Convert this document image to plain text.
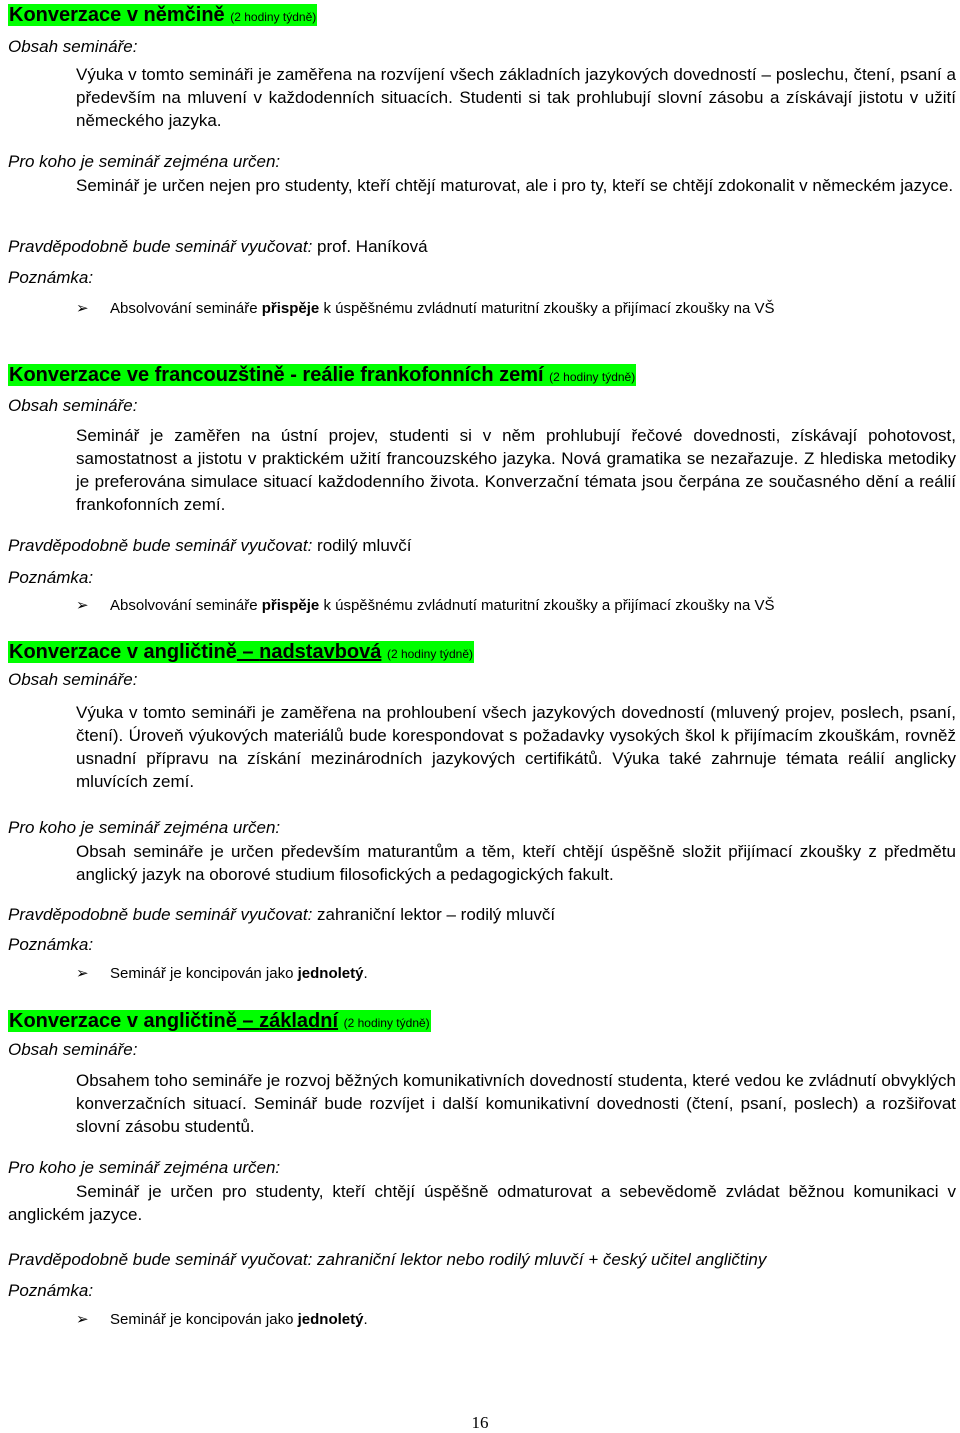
Konverzace v němčině (2 hodiny týdně)
Obsah semináře:
Výuka v tomto semináři je zaměřena na rozvíjení všech základních jazykových dovedností – poslechu, čtení, psaní a především na mluvení v každodenních situacích. Studenti si tak prohlubují slovní zásobu a získávají jistotu v užití německého jazyka.
Pro koho je seminář zejména určen:
Seminář je určen nejen pro studenty, kteří chtějí maturovat, ale i pro ty, kteří se chtějí zdokonalit v německém jazyce.
Pravděpodobně bude seminář vyučovat: prof. Haníková
Poznámka:
➢ Absolvování semináře přispěje k úspěšnému zvládnutí maturitní zkoušky a přijímací zkoušky na VŠ
Konverzace ve francouzštině - reálie frankofonních zemí (2 hodiny týdně)
Obsah semináře:
Seminář je zaměřen na ústní projev, studenti si v něm prohlubují řečové dovednosti, získávají pohotovost, samostatnost a jistotu v praktickém užití francouzského jazyka. Nová gramatika se nezařazuje. Z hlediska metodiky je preferována simulace situací každodenního života. Konverzační témata jsou čerpána ze současného dění a reálií frankofonních zemí.
Pravděpodobně bude seminář vyučovat: rodilý mluvčí
Poznámka:
➢ Absolvování semináře přispěje k úspěšnému zvládnutí maturitní zkoušky a přijímací zkoušky na VŠ
Konverzace v angličtině – nadstavbová (2 hodiny týdně)
Obsah semináře:
Výuka v tomto semináři je zaměřena na prohloubení všech jazykových dovedností (mluvený projev, poslech, psaní, čtení). Úroveň výukových materiálů bude korespondovat s požadavky vysokých škol k přijímacím zkouškám, rovněž usnadní přípravu na získání mezinárodních jazykových certifikátů. Výuka také zahrnuje témata reálií anglicky mluvících zemí.
Pro koho je seminář zejména určen:
Obsah semináře je určen především maturantům a těm, kteří chtějí úspěšně složit přijímací zkoušky z předmětu anglický jazyk na oborové studium filosofických a pedagogických fakult.
Pravděpodobně bude seminář vyučovat: zahraniční lektor – rodilý mluvčí
Poznámka:
➢ Seminář je koncipován jako jednoletý.
Konverzace v angličtině – základní (2 hodiny týdně)
Obsah semináře:
Obsahem toho semináře je rozvoj běžných komunikativních dovedností studenta, které vedou ke zvládnutí obvyklých konverzačních situací. Seminář bude rozvíjet i další komunikativní dovednosti (čtení, psaní, poslech) a rozšiřovat slovní zásobu studentů.
Pro koho je seminář zejména určen:
Seminář je určen pro studenty, kteří chtějí úspěšně odmaturovat a sebevědomě zvládat běžnou komunikaci v anglickém jazyce.
Pravděpodobně bude seminář vyučovat: zahraniční lektor nebo rodilý mluvčí + český učitel angličtiny
Poznámka:
➢ Seminář je koncipován jako jednoletý.
16
